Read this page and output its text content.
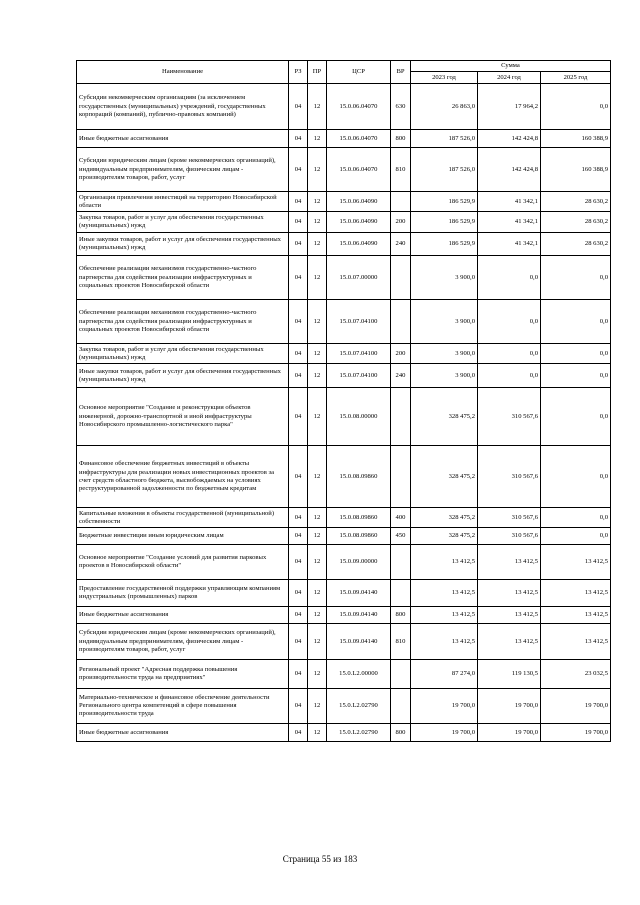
Наименование	РЗ	ПР	ЦСР	ВР	Сумма		
					2023 год	2024 год	2025 год
Субсидии некоммерческим организациям (за исключением государственных (муниципальных) учреждений, государственных корпораций (компаний), публично-правовых компаний)	04	12	15.0.06.04070	630	26 863,0	17 964,2	0,0
Иные бюджетные ассигнования	04	12	15.0.06.04070	800	187 526,0	142 424,8	160 388,9
Субсидии юридическим лицам (кроме некоммерческих организаций), индивидуальным предпринимателям, физическим лицам - производителям товаров, работ, услуг	04	12	15.0.06.04070	810	187 526,0	142 424,8	160 388,9
Организация привлечения инвестиций на территорию Новосибирской области	04	12	15.0.06.04090		186 529,9	41 342,1	28 630,2
Закупка товаров, работ и услуг для обеспечения государственных (муниципальных) нужд	04	12	15.0.06.04090	200	186 529,9	41 342,1	28 630,2
Иные закупки товаров, работ и услуг для обеспечения государственных (муниципальных) нужд	04	12	15.0.06.04090	240	186 529,9	41 342,1	28 630,2
Обеспечение реализации механизмов государственно-частного партнерства для содействия реализации инфраструктурных и социальных проектов Новосибирской области	04	12	15.0.07.00000		3 900,0	0,0	0,0
Обеспечение реализации механизмов государственно-частного партнерства для содействия реализации инфраструктурных и социальных проектов Новосибирской области	04	12	15.0.07.04100		3 900,0	0,0	0,0
Закупка товаров, работ и услуг для обеспечения государственных (муниципальных) нужд	04	12	15.0.07.04100	200	3 900,0	0,0	0,0
Иные закупки товаров, работ и услуг для обеспечения государственных (муниципальных) нужд	04	12	15.0.07.04100	240	3 900,0	0,0	0,0
Основное мероприятие "Создание и реконструкция объектов инженерной, дорожно-транспортной и иной инфраструктуры Новосибирского промышленно-логистического парка"	04	12	15.0.08.00000		328 475,2	310 567,6	0,0
Финансовое обеспечение бюджетных инвестиций в объекты инфраструктуры для реализации новых инвестиционных проектов за счет средств областного бюджета, высвобождаемых на условиях реструктурированной задолженности по бюджетным кредитам	04	12	15.0.08.09860		328 475,2	310 567,6	0,0
Капитальные вложения в объекты государственной (муниципальной) собственности	04	12	15.0.08.09860	400	328 475,2	310 567,6	0,0
Бюджетные инвестиции иным юридическим лицам	04	12	15.0.08.09860	450	328 475,2	310 567,6	0,0
Основное мероприятие "Создание условий для развития парковых проектов в Новосибирской области"	04	12	15.0.09.00000		13 412,5	13 412,5	13 412,5
Предоставление государственной поддержки управляющим компаниям индустриальных (промышленных) парков	04	12	15.0.09.04140		13 412,5	13 412,5	13 412,5
Иные бюджетные ассигнования	04	12	15.0.09.04140	800	13 412,5	13 412,5	13 412,5
Субсидии юридическим лицам (кроме некоммерческих организаций), индивидуальным предпринимателям, физическим лицам - производителям товаров, работ, услуг	04	12	15.0.09.04140	810	13 412,5	13 412,5	13 412,5
Региональный проект "Адресная поддержка повышения производительности труда на предприятиях"	04	12	15.0.L2.00000		87 274,0	119 130,5	23 032,5
Материально-техническое и финансовое обеспечение деятельности Регионального центра компетенций в сфере повышения производительности труда	04	12	15.0.L2.02790		19 700,0	19 700,0	19 700,0
Иные бюджетные ассигнования	04	12	15.0.L2.02790	800	19 700,0	19 700,0	19 700,0
Страница 55 из 183
